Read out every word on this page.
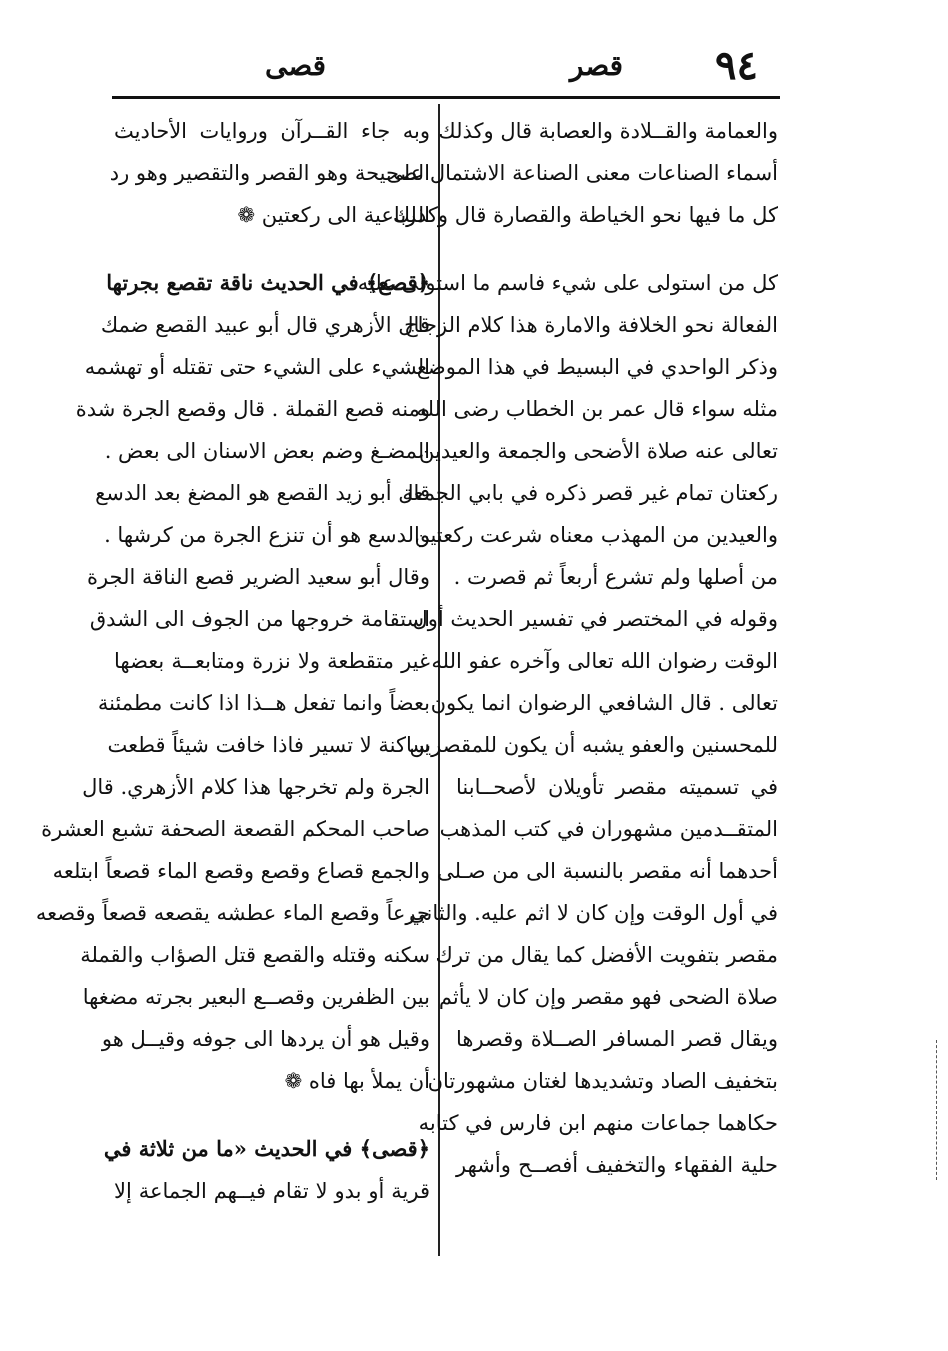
٩٤
قصر
قصى
والعمامة والقــلادة والعصابة قال وكذلك
أسماء الصناعات معنى الصناعة الاشتمال على
كل ما فيها نحو الخياطة والقصارة قال وكذلك
كل من استولى على شيء فاسم ما استولى عليه
الفعالة نحو الخلافة والامارة هذا كلام الزجاج
وذكر الواحدي في البسيط في هذا الموضع
مثله سواء قال عمر بن الخطاب رضى الله
تعالى عنه صلاة الأضحى والجمعة والعيدين
ركعتان تمام غير قصر ذكره في بابي الجمعة
والعيدين من المهذب معناه شرعت ركعتين
من أصلها ولم تشرع أربعاً ثم قصرت .
وقوله في المختصر في تفسير الحديث أول
الوقت رضوان الله تعالى وآخره عفو الله
تعالى . قال الشافعي الرضوان انما يكون
للمحسنين والعفو يشبه أن يكون للمقصرين
في تسميته مقصر تأويلان لأصحــابنا
المتقــدمين مشهوران في كتب المذهب
أحدهما أنه مقصر بالنسبة الى من صـلى
في أول الوقت وإن كان لا اثم عليه. والثاني
مقصر بتفويت الأفضل كما يقال من ترك
صلاة الضحى فهو مقصر وإن كان لا يأثم
ويقال قصر المسافر الصــلاة وقصرها
بتخفيف الصاد وتشديدها لغتان مشهورتان
حكاهما جماعات منهم ابن فارس في كتابه
حلية الفقهاء والتخفيف أفصــح وأشهر
وبه جاء القــرآن وروايات الأحاديث
الصحيحة وهو القصر والتقصير وهو رد
الرباعية الى ركعتين ❁
﴿قصع﴾ في الحديث ناقة تقصع بجرتها
قال الأزهري قال أبو عبيد القصع ضمك
الشيء على الشيء حتى تقتله أو تهشمه
ومنه قصع القملة . قال وقصع الجرة شدة
المضـغ وضم بعض الاسنان الى بعض .
قال أبو زيد القصع هو المضغ بعد الدسع
والدسع هو أن تنزع الجرة من كرشها .
وقال أبو سعيد الضرير قصع الناقة الجرة
استقامة خروجها من الجوف الى الشدق
غير متقطعة ولا نزرة ومتابعــة بعضها
بعضاً وانما تفعل هــذا اذا كانت مطمئنة
ساكنة لا تسير فاذا خافت شيئاً قطعت
الجرة ولم تخرجها هذا كلام الأزهري. قال
صاحب المحكم القصعة الصحفة تشبع العشرة
والجمع قصاع وقصع وقصع الماء قصعاً ابتلعه
جرعاً وقصع الماء عطشه يقصعه قصعاً وقصعه
سكنه وقتله والقصع قتل الصؤاب والقملة
بين الظفرين وقصــع البعير بجرته مضغها
وقيل هو أن يردها الى جوفه وقيــل هو
أن يملأ بها فاه ❁
﴿قصى﴾ في الحديث «ما من ثلاثة في
قرية أو بدو لا تقام فيــهم الجماعة إلا
